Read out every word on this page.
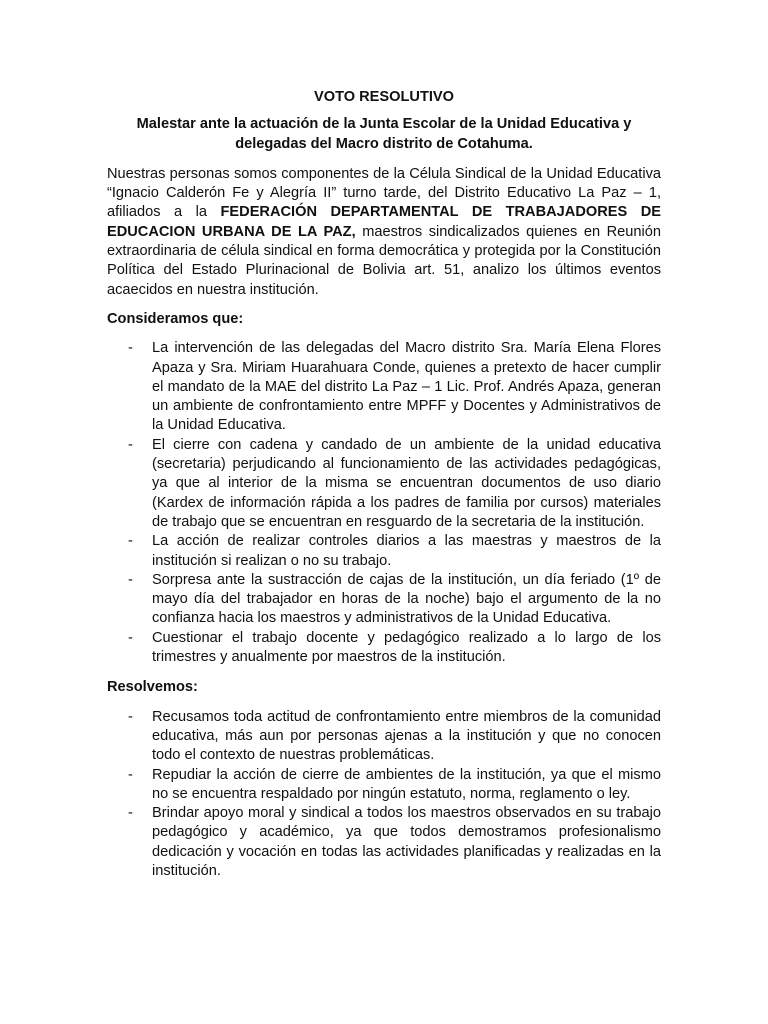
VOTO RESOLUTIVO
Malestar ante la actuación de la Junta Escolar de la Unidad Educativa y delegadas del Macro distrito de Cotahuma.
Nuestras personas somos componentes de la Célula Sindical de la Unidad Educativa “Ignacio Calderón Fe y Alegría II” turno tarde, del Distrito Educativo La Paz – 1, afiliados a la FEDERACIÓN DEPARTAMENTAL DE TRABAJADORES DE EDUCACION URBANA DE LA PAZ, maestros sindicalizados quienes en Reunión extraordinaria de célula sindical en forma democrática y protegida por la Constitución Política del Estado Plurinacional de Bolivia art. 51, analizo los últimos eventos acaecidos en nuestra institución.
Consideramos que:
- La intervención de las delegadas del Macro distrito Sra. María Elena Flores Apaza y Sra. Miriam Huarahuara Conde, quienes a pretexto de hacer cumplir el mandato de la MAE del distrito La Paz – 1 Lic. Prof. Andrés Apaza, generan un ambiente de confrontamiento entre MPFF y Docentes y Administrativos de la Unidad Educativa.
- El cierre con cadena y candado de un ambiente de la unidad educativa (secretaria) perjudicando al funcionamiento de las actividades pedagógicas, ya que al interior de la misma se encuentran documentos de uso diario (Kardex de información rápida a los padres de familia por cursos) materiales de trabajo que se encuentran en resguardo de la secretaria de la institución.
- La acción de realizar controles diarios a las maestras y maestros de la institución si realizan o no su trabajo.
- Sorpresa ante la sustracción de cajas de la institución, un día feriado (1º de mayo día del trabajador en horas de la noche) bajo el argumento de la no confianza hacia los maestros y administrativos de la Unidad Educativa.
- Cuestionar el trabajo docente y pedagógico realizado a lo largo de los trimestres y anualmente por maestros de la institución.
Resolvemos:
- Recusamos toda actitud de confrontamiento entre miembros de la comunidad educativa, más aun por personas ajenas a la institución y que no conocen todo el contexto de nuestras problemáticas.
- Repudiar la acción de cierre de ambientes de la institución, ya que el mismo no se encuentra respaldado por ningún estatuto, norma, reglamento o ley.
- Brindar apoyo moral y sindical a todos los maestros observados en su trabajo pedagógico y académico, ya que todos demostramos profesionalismo dedicación y vocación en todas las actividades planificadas y realizadas en la institución.
